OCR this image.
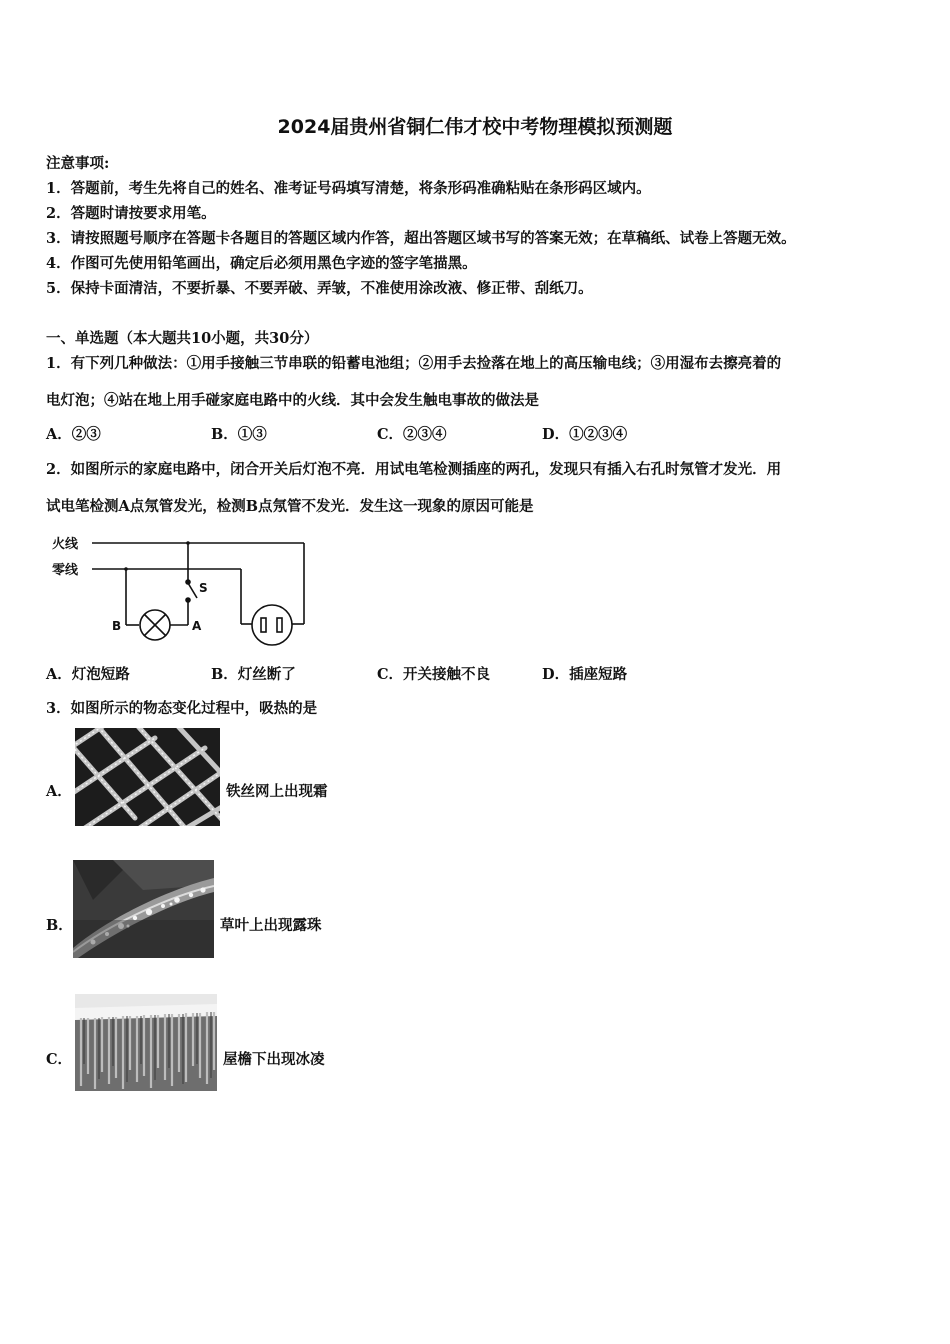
2024届贵州省铜仁伟才校中考物理模拟预测题
注意事项:
1．答题前，考生先将自己的姓名、准考证号码填写清楚，将条形码准确粘贴在条形码区域内。
2．答题时请按要求用笔。
3．请按照题号顺序在答题卡各题目的答题区域内作答，超出答题区域书写的答案无效；在草稿纸、试卷上答题无效。
4．作图可先使用铅笔画出，确定后必须用黑色字迹的签字笔描黑。
5．保持卡面清洁，不要折暴、不要弄破、弄皱，不准使用涂改液、修正带、刮纸刀。
一、单选题（本大题共10小题，共30分）
1．有下列几种做法：①用手接触三节串联的铅蓄电池组；②用手去捡落在地上的高压输电线；③用湿布去擦亮着的
电灯泡；④站在地上用手碰家庭电路中的火线．其中会发生触电事故的做法是
A．②③	B．①③	C．②③④	D．①②③④
2．如图所示的家庭电路中，闭合开关后灯泡不亮．用试电笔检测插座的两孔，发现只有插入右孔时氖管才发光．用
试电笔检测A点氖管发光，检测B点氖管不发光．发生这一现象的原因可能是
火线
零线
S
A
B
A．灯泡短路	B．灯丝断了	C．开关接触不良	D．插座短路
3．如图所示的物态变化过程中，吸热的是
A．	铁丝网上出现霜
B．	草叶上出现露珠
C．	屋檐下出现冰凌
